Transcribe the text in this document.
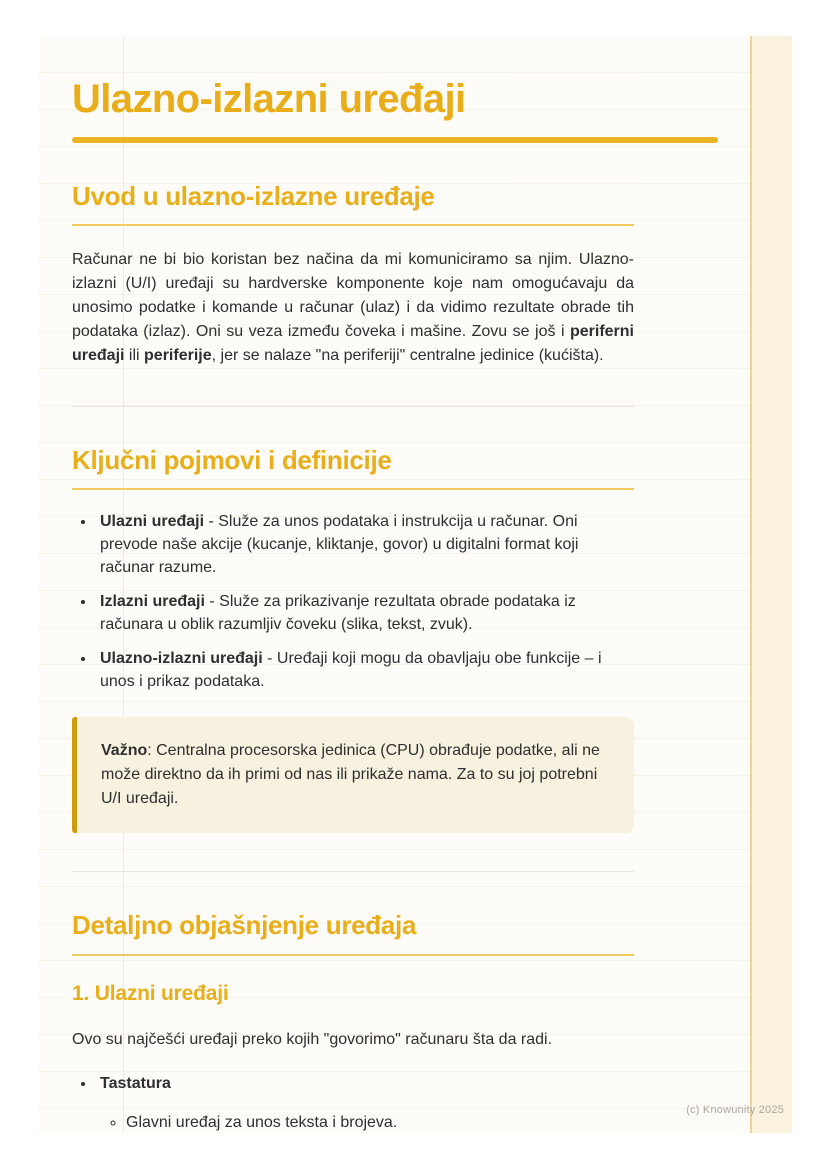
Ulazno-izlazni uređaji
Uvod u ulazno-izlazne uređaje

Računar ne bi bio koristan bez načina da mi komuniciramo sa njim. Ulazno-izlazni (U/I) uređaji su hardverske komponente koje nam omogućavaju da unosimo podatke i komande u računar (ulaz) i da vidimo rezultate obrade tih podataka (izlaz). Oni su veza između čoveka i mašine. Zovu se još i periferni uređaji ili periferije, jer se nalaze "na periferiji" centralne jedinice (kućišta).

Ključni pojmovi i definicije
• Ulazni uređaji - Služe za unos podataka i instrukcija u računar. Oni prevode naše akcije (kucanje, kliktanje, govor) u digitalni format koji računar razume.
• Izlazni uređaji - Služe za prikazivanje rezultata obrade podataka iz računara u oblik razumljiv čoveku (slika, tekst, zvuk).
• Ulazno-izlazni uređaji - Uređaji koji mogu da obavljaju obe funkcije – i unos i prikaz podataka.
Važno: Centralna procesorska jedinica (CPU) obrađuje podatke, ali ne može direktno da ih primi od nas ili prikaže nama. Za to su joj potrebni U/I uređaji.
Detaljno objašnjenje uređaja
1. Ulazni uređaji

Ovo su najčešći uređaji preko kojih "govorimo" računaru šta da radi.

• Tastatura
◦ Glavni uređaj za unos teksta i brojeva.
(c) Knowunity 2025
